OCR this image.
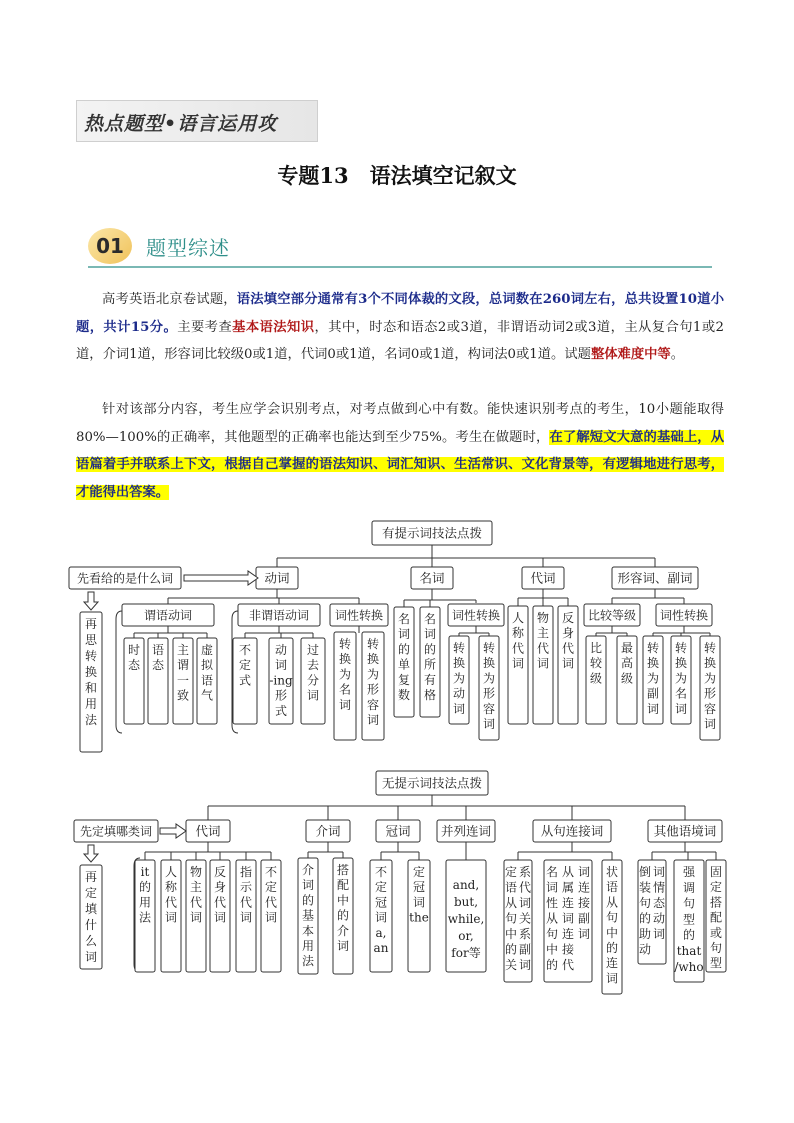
热点题型•语言运用攻
专题13　语法填空记叙文
01	题型综述
高考英语北京卷试题，语法填空部分通常有3个不同体裁的文段，总词数在260词左右，总共设置10道小题，共计15分。主要考查基本语法知识，其中，时态和语态2或3道，非谓语动词2或3道，主从复合句1或2道，介词1道，形容词比较级0或1道，代词0或1道，名词0或1道，构词法0或1道。试题整体难度中等。
针对该部分内容，考生应学会识别考点，对考点做到心中有数。能快速识别考点的考生，10小题能取得80%—100%的正确率，其他题型的正确率也能达到至少75%。考生在做题时，在了解短文大意的基础上，从语篇着手并联系上下文，根据自己掌握的语法知识、词汇知识、生活常识、文化背景等，有逻辑地进行思考，才能得出答案。
有提示词技法点拨
动词	名词	代词	形容词、副词
先看给的是什么词
再思转换和用法
谓语动词	非谓语动词 词性转换
时态
语态
主谓一致
虚拟语气
不定式
动词-ing 形式
过去分词
转换为名词
转换为形容词
词性转换
名词的单复数
名词的所有格
转换为动词
转换为形容词
人称代词
物主代词
反身代词
比较等级 词性转换
比较级
最高级
转换为副词
转换为名词
转换为形容词
无提示词技法点拨
代词	介词	冠词 并列连词	从句连接词	其他语境词
先定填哪类词
再定填什么词
it 的用法
人称代词
物主代词
反身代词
指示代词
不定代词
介词的基本用法
搭配中的介词
不定冠词 a, an
定冠词 the
and, but, while, or, for等
定语从句中的关系代词关系副词
名词性从句中的从属连词连接代词连接副词
状语从句中的连词
倒装句的助动词情态动词
强调句型的 that /who
固定搭配或句型
